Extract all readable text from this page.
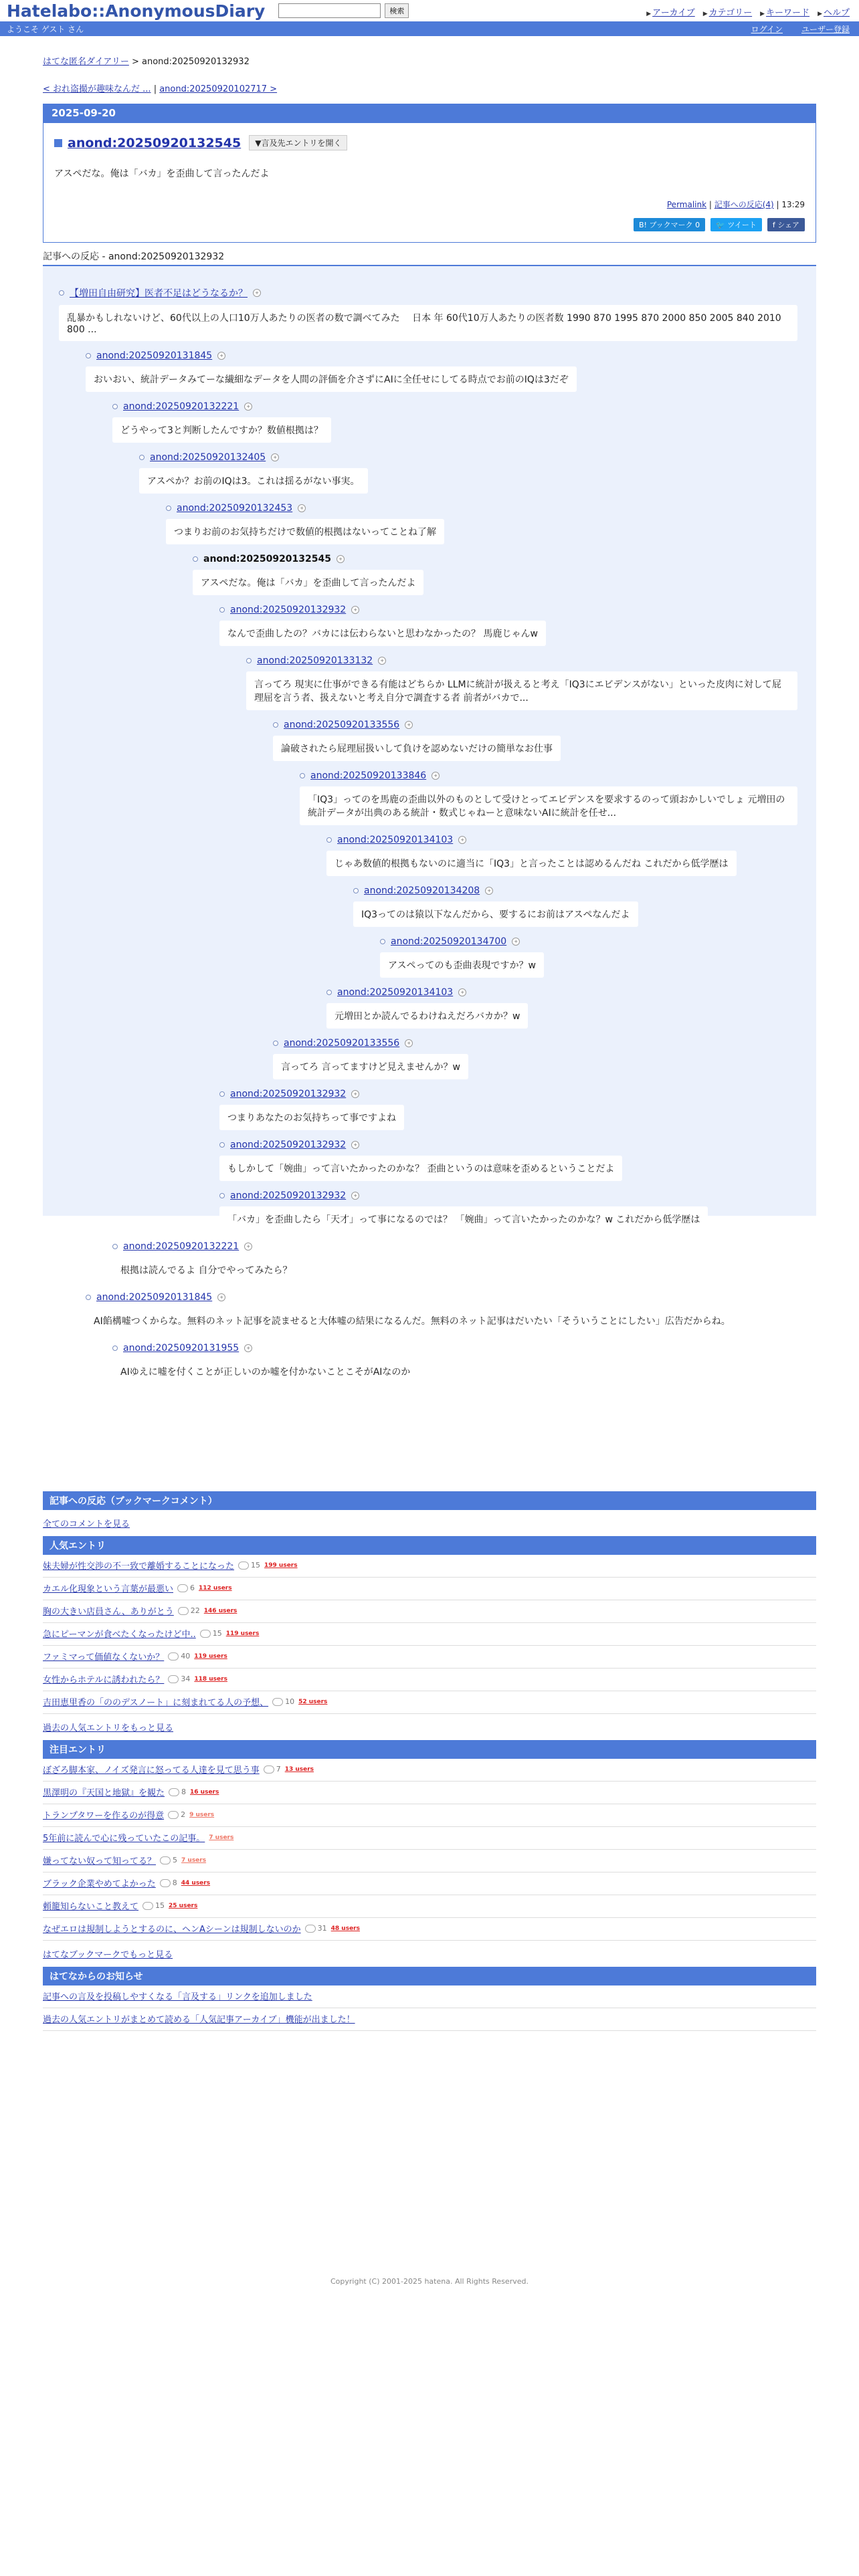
Hatelabo::AnonymousDiary	検索	▶ アーカイブ ▶ カテゴリー ▶ キーワード ▶ ヘルプ
ようこそ ゲスト さん	ログイン ユーザー登録
はてな匿名ダイアリー > anond:20250920132932
< おれ盗撮が趣味なんだ ... | anond:20250920102717 >
2025-09-20
anond:20250920132545	▼言及先エントリを開く
アスペだな。俺は「バカ」を歪曲して言ったんだよ
Permalink | 記事への反応(4) | 13:29
B! ブックマーク 0	🐦 ツイート	f シェア
記事への反応 - anond:20250920132932
【増田自由研究】医者不足はどうなるか？	+
乱暴かもしれないけど、60代以上の人口10万人あたりの医者の数で調べてみた　 日本 年 60代10万人あたりの医者数 1990 870 1995 870 2000 850 2005 840 2010 800 ...
anond:20250920131845	+
おいおい、統計データみてーな繊細なデータを人間の評価を介さずにAIに全任せにしてる時点でお前のIQは3だぞ
anond:20250920132221	+
どうやって3と判断したんですか？数値根拠は？
anond:20250920132405	+
アスペか？お前のIQは3。これは揺るがない事実。
anond:20250920132453	+
つまりお前のお気持ちだけで数値的根拠はないってことね了解
anond:20250920132545	+
アスペだな。俺は「バカ」を歪曲して言ったんだよ
anond:20250920132932	+
なんで歪曲したの？バカには伝わらないと思わなかったの？ 馬鹿じゃんw
anond:20250920133132	+
言ってろ 現実に仕事ができる有能はどちらか LLMに統計が扱えると考え「IQ3にエビデンスがない」といった皮肉に対して屁理屈を言う者、扱えないと考え自分で調査する者 前者がバカで...
anond:20250920133556	+
論破されたら屁理屈扱いして負けを認めないだけの簡単なお仕事
anond:20250920133846	+
「IQ3」ってのを馬鹿の歪曲以外のものとして受けとってエビデンスを要求するのって頭おかしいでしょ 元増田の統計データが出典のある統計・数式じゃねーと意味ないAIに統計を任せ...
anond:20250920134103	+
じゃあ数値的根拠もないのに適当に「IQ3」と言ったことは認めるんだね これだから低学歴は
anond:20250920134208	+
IQ3ってのは猿以下なんだから、要するにお前はアスペなんだよ
anond:20250920134700	+
アスペってのも歪曲表現ですか？w
anond:20250920134103	+
元増田とか読んでるわけねえだろバカか？w
anond:20250920133556	+
言ってろ 言ってますけど見えませんか？w
anond:20250920132932	+
つまりあなたのお気持ちって事ですよね
anond:20250920132932	+
もしかして「婉曲」って言いたかったのかな？ 歪曲というのは意味を歪めるということだよ
anond:20250920132932	+
「バカ」を歪曲したら「天才」って事になるのでは？ 「婉曲」って言いたかったのかな？w これだから低学歴は
anond:20250920132221	+
根拠は読んでるよ 自分でやってみたら？
anond:20250920131845	+
AI餡構嘘つくからな。無料のネット記事を読ませると大体嘘の結果になるんだ。無料のネット記事はだいたい「そういうことにしたい」広告だからね。
anond:20250920131955	+
AIゆえに嘘を付くことが正しいのか嘘を付かないことこそがAIなのか
記事への反応（ブックマークコメント）
全てのコメントを見る
人気エントリ
妹夫婦が性交渉の不一致で離婚することになった 15 199 users
カエル化現象という言葉が最悪い 6 112 users
胸の大きい店員さん、ありがとう 22 146 users
急にピーマンが食べたくなったけど中.. 15 119 users
ファミマって価値なくないか？ 40 119 users
女性からホテルに誘われたら？ 34 118 users
吉田恵里香の「ののデスノート」に刻まれてる人の予想、 10 52 users
過去の人気エントリをもっと見る
注目エントリ
ぼざろ脚本家、ノイズ発言に怒ってる人達を見て思う事 7 13 users
黒澤明の『天国と地獄』を観た 8 16 users
トランプタワーを作るのが得意 2 9 users
5年前に読んで心に残っていたこの記事。 7 users
嫌ってない奴って知ってる？ 5 7 users
ブラック企業やめてよかった 8 44 users
頼籠知らないこと教えて 15 25 users
なぜエロは規制しようとするのに、ヘンAシーンは規制しないのか 31 48 users
はてなブックマークでもっと見る
はてなからのお知らせ
記事への言及を投稿しやすくなる「言及する」リンクを追加しました
過去の人気エントリがまとめて読める「人気記事アーカイブ」機能が出ました！
Copyright (C) 2001-2025 hatena. All Rights Reserved.
